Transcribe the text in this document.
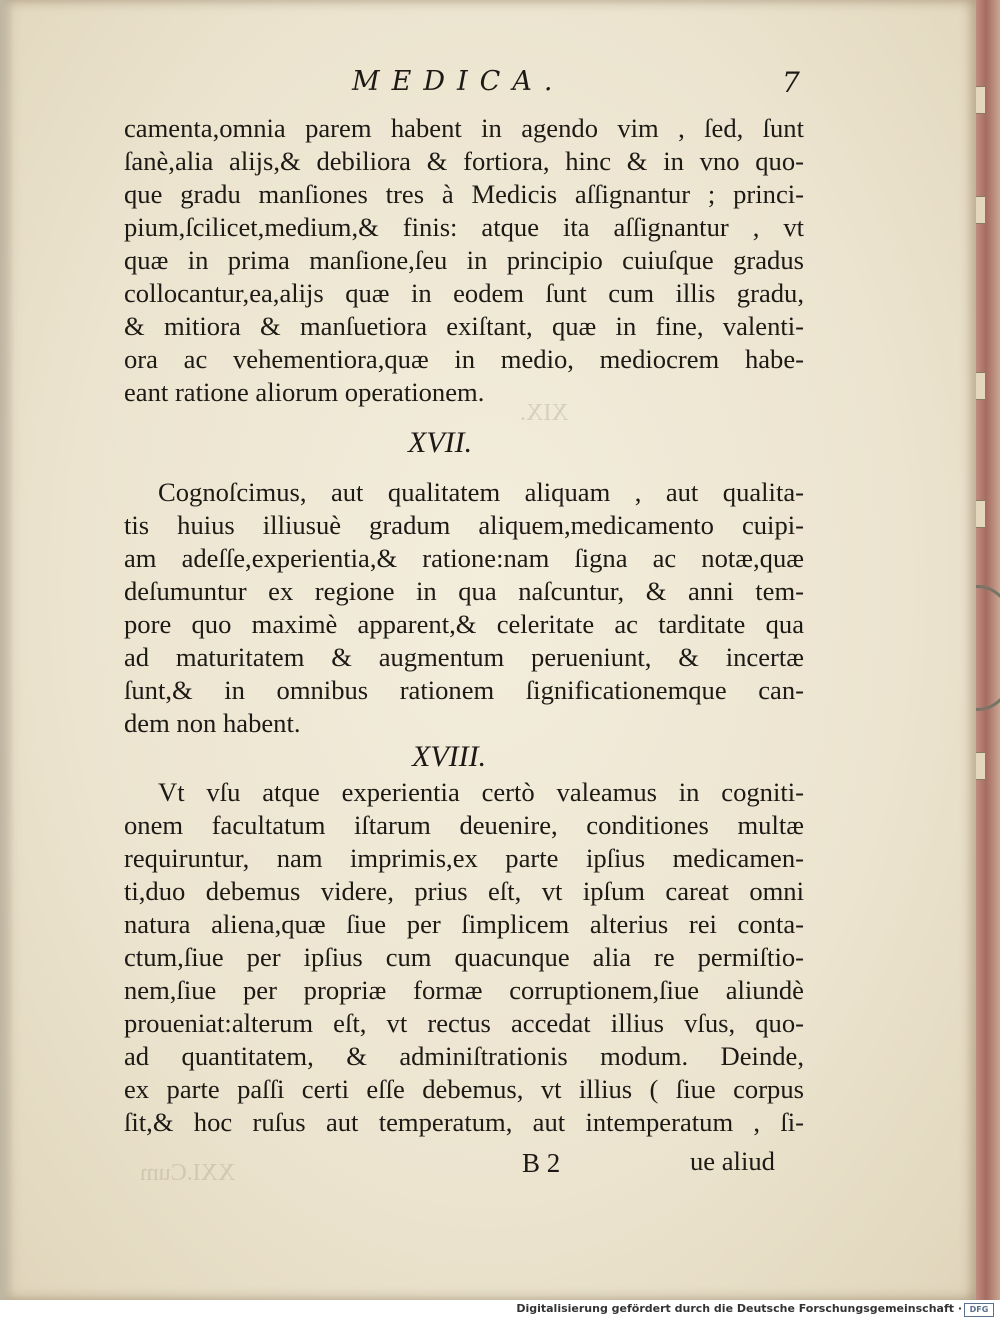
XIX.
XXI.Cum
MEDICA.	7
camenta,omnia parem habent in agendo vim , ſed, ſunt
ſanè,alia alijs,& debiliora & fortiora, hinc & in vno quo-
que gradu manſiones tres à Medicis aſſignantur ; princi-
pium,ſcilicet,medium,& finis: atque ita aſſignantur , vt
quæ in prima manſione,ſeu in principio cuiuſque gradus
collocantur,ea,alijs quæ in eodem ſunt cum illis gradu,
& mitiora & manſuetiora exiſtant, quæ in fine, valenti-
ora ac vehementiora,quæ in medio, mediocrem habe-
eant ratione aliorum operationem.
XVII.
Cognoſcimus, aut qualitatem aliquam , aut qualita-
tis huius illiusuè gradum aliquem,medicamento cuipi-
am adeſſe,experientia,& ratione:nam ſigna ac notæ,quæ
deſumuntur ex regione in qua naſcuntur, & anni tem-
pore quo maximè apparent,& celeritate ac tarditate qua
ad maturitatem & augmentum perueniunt, & incertæ
ſunt,& in omnibus rationem ſignificationemque can-
dem non habent.
XVIII.
Vt vſu atque experientia certò valeamus in cogniti-
onem facultatum iſtarum deuenire, conditiones multæ
requiruntur, nam imprimis,ex parte ipſius medicamen-
ti,duo debemus videre, prius eſt, vt ipſum careat omni
natura aliena,quæ ſiue per ſimplicem alterius rei conta-
ctum,ſiue per ipſius cum quacunque alia re permiſtio-
nem,ſiue per propriæ formæ corruptionem,ſiue aliundè
proueniat:alterum eſt, vt rectus accedat illius vſus, quo-
ad quantitatem, & adminiſtrationis modum. Deinde,
ex parte paſſi certi eſſe debemus, vt illius ( ſiue corpus
ſit,& hoc ruſus aut temperatum, aut intemperatum , ſi-
B 2	ue aliud
Digitalisierung gefördert durch die Deutsche Forschungsgemeinschaft · DFG
